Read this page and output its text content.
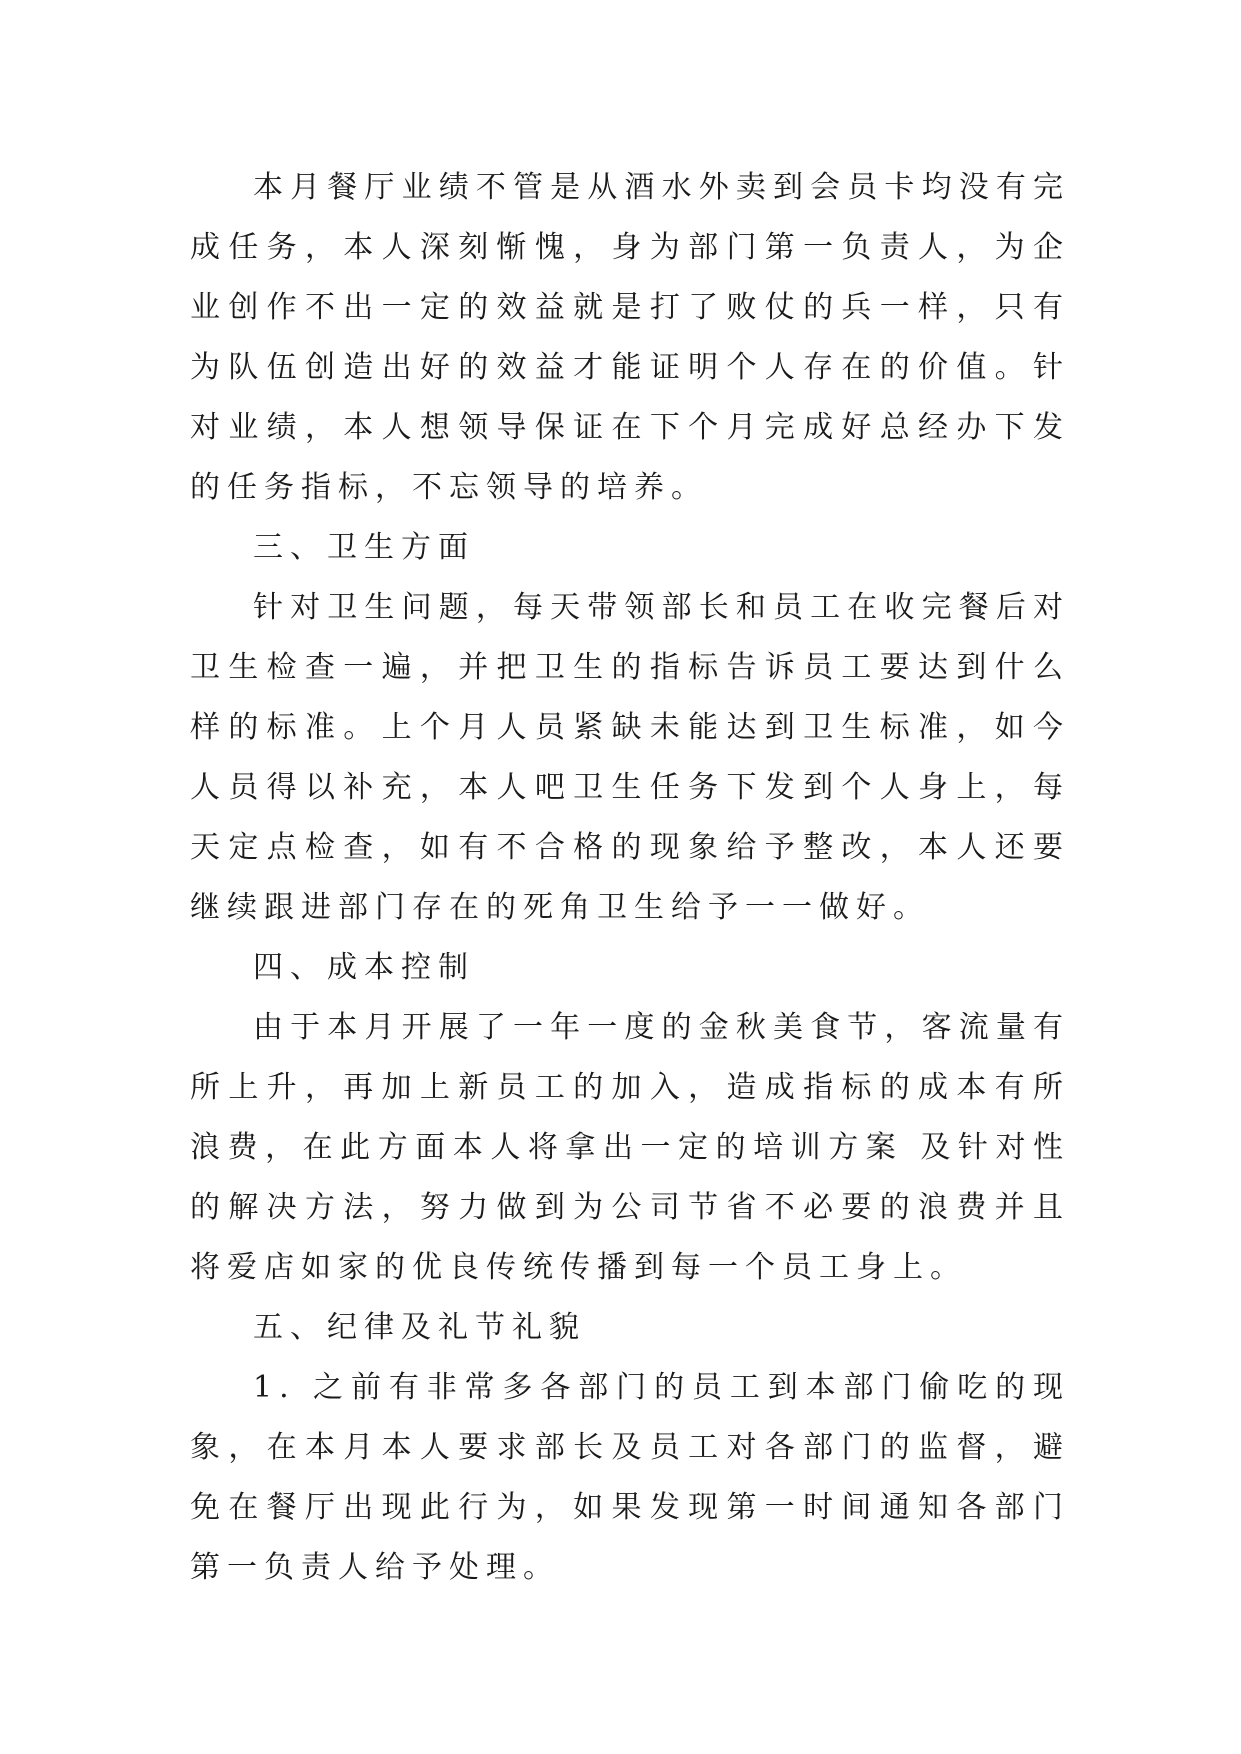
本月餐厅业绩不管是从酒水外卖到会员卡均没有完成任务，本人深刻惭愧，身为部门第一负责人，为企业创作不出一定的效益就是打了败仗的兵一样，只有为队伍创造出好的效益才能证明个人存在的价值。针对业绩，本人想领导保证在下个月完成好总经办下发的任务指标，不忘领导的培养。

三、卫生方面

针对卫生问题，每天带领部长和员工在收完餐后对卫生检查一遍，并把卫生的指标告诉员工要达到什么样的标准。上个月人员紧缺未能达到卫生标准，如今人员得以补充，本人吧卫生任务下发到个人身上，每天定点检查，如有不合格的现象给予整改，本人还要继续跟进部门存在的死角卫生给予一一做好。

四、成本控制

由于本月开展了一年一度的金秋美食节，客流量有所上升，再加上新员工的加入，造成指标的成本有所浪费，在此方面本人将拿出一定的培训方案 及针对性的解决方法，努力做到为公司节省不必要的浪费并且将爱店如家的优良传统传播到每一个员工身上。

五、纪律及礼节礼貌

1. 之前有非常多各部门的员工到本部门偷吃的现象，在本月本人要求部长及员工对各部门的监督，避免在餐厅出现此行为，如果发现第一时间通知各部门第一负责人给予处理。
